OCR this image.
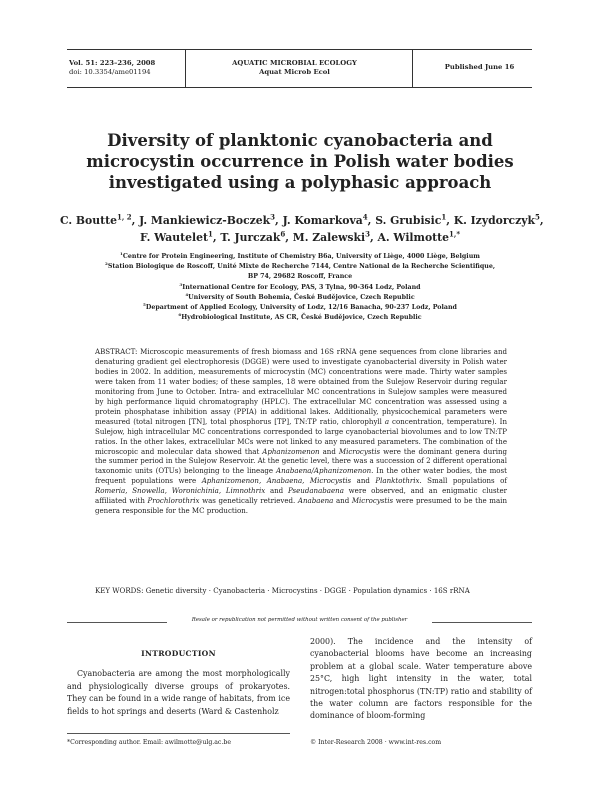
Vol. 51: 223–236, 2008
doi: 10.3354/ame01194
AQUATIC MICROBIAL ECOLOGY
Aquat Microb Ecol
Published June 16
Diversity of planktonic cyanobacteria and
microcystin occurrence in Polish water bodies
investigated using a polyphasic approach
C. Boutte$^{1, 2}$, J. Mankiewicz-Boczek$^3$, J. Komarkova$^4$, S. Grubisic$^1$, K. Izydorczyk$^5$,
F. Wautelet$^1$, T. Jurczak$^6$, M. Zalewski$^3$, A. Wilmotte$^{1,*}$
$^1$Centre for Protein Engineering, Institute of Chemistry B6a, University of Liège, 4000 Liège, Belgium
$^2$Station Biologique de Roscoff, Unité Mixte de Recherche 7144, Centre National de la Recherche Scientifique,
BP 74, 29682 Roscoff, France
$^3$International Centre for Ecology, PAS, 3 Tylna, 90-364 Lodz, Poland
$^4$University of South Bohemia, České Budějovice, Czech Republic
$^5$Department of Applied Ecology, University of Lodz, 12/16 Banacha, 90-237 Lodz, Poland
$^6$Hydrobiological Institute, AS CR, České Budějovice, Czech Republic
ABSTRACT: Microscopic measurements of fresh biomass and 16S rRNA gene sequences from clone libraries and denaturing gradient gel electrophoresis (DGGE) were used to investigate cyanobacterial diversity in Polish water bodies in 2002. In addition, measurements of microcystin (MC) concentrations were made. Thirty water samples were taken from 11 water bodies; of these samples, 18 were obtained from the Sulejow Reservoir during regular monitoring from June to October. Intra- and extracellular MC concentrations in Sulejow samples were measured by high performance liquid chromatography (HPLC). The extracellular MC concentration was assessed using a protein phosphatase inhibition assay (PPIA) in additional lakes. Additionally, physicochemical parameters were measured (total nitrogen [TN], total phosphorus [TP], TN:TP ratio, chlorophyll a concentration, temperature). In Sulejow, high intracellular MC concentrations corresponded to large cyanobacterial biovolumes and to low TN:TP ratios. In the other lakes, extracellular MCs were not linked to any measured parameters. The combination of the microscopic and molecular data showed that Aphanizomenon and Microcystis were the dominant genera during the summer period in the Sulejow Reservoir. At the genetic level, there was a succession of 2 different operational taxonomic units (OTUs) belonging to the lineage Anabaena/Aphanizomenon. In the other water bodies, the most frequent populations were Aphanizomenon, Anabaena, Microcystis and Planktothrix. Small populations of Romeria, Snowella, Woronichinia, Limnothrix and Pseudanabaena were observed, and an enigmatic cluster affiliated with Prochlorothrix was genetically retrieved. Anabaena and Microcystis were presumed to be the main genera responsible for the MC production.
KEY WORDS: Genetic diversity · Cyanobacteria · Microcystins · DGGE · Population dynamics · 16S rRNA
Resale or republication not permitted without written consent of the publisher
INTRODUCTION
Cyanobacteria are among the most morphologically and physiologically diverse groups of prokaryotes. They can be found in a wide range of habitats, from ice fields to hot springs and deserts (Ward & Castenholz
2000). The incidence and the intensity of cyanobacterial blooms have become an increasing problem at a global scale. Water temperature above 25°C, high light intensity in the water, total nitrogen:total phosphorus (TN:TP) ratio and stability of the water column are factors responsible for the dominance of bloom-forming
*Corresponding author. Email: awilmotte@ulg.ac.be	© Inter-Research 2008 · www.int-res.com
